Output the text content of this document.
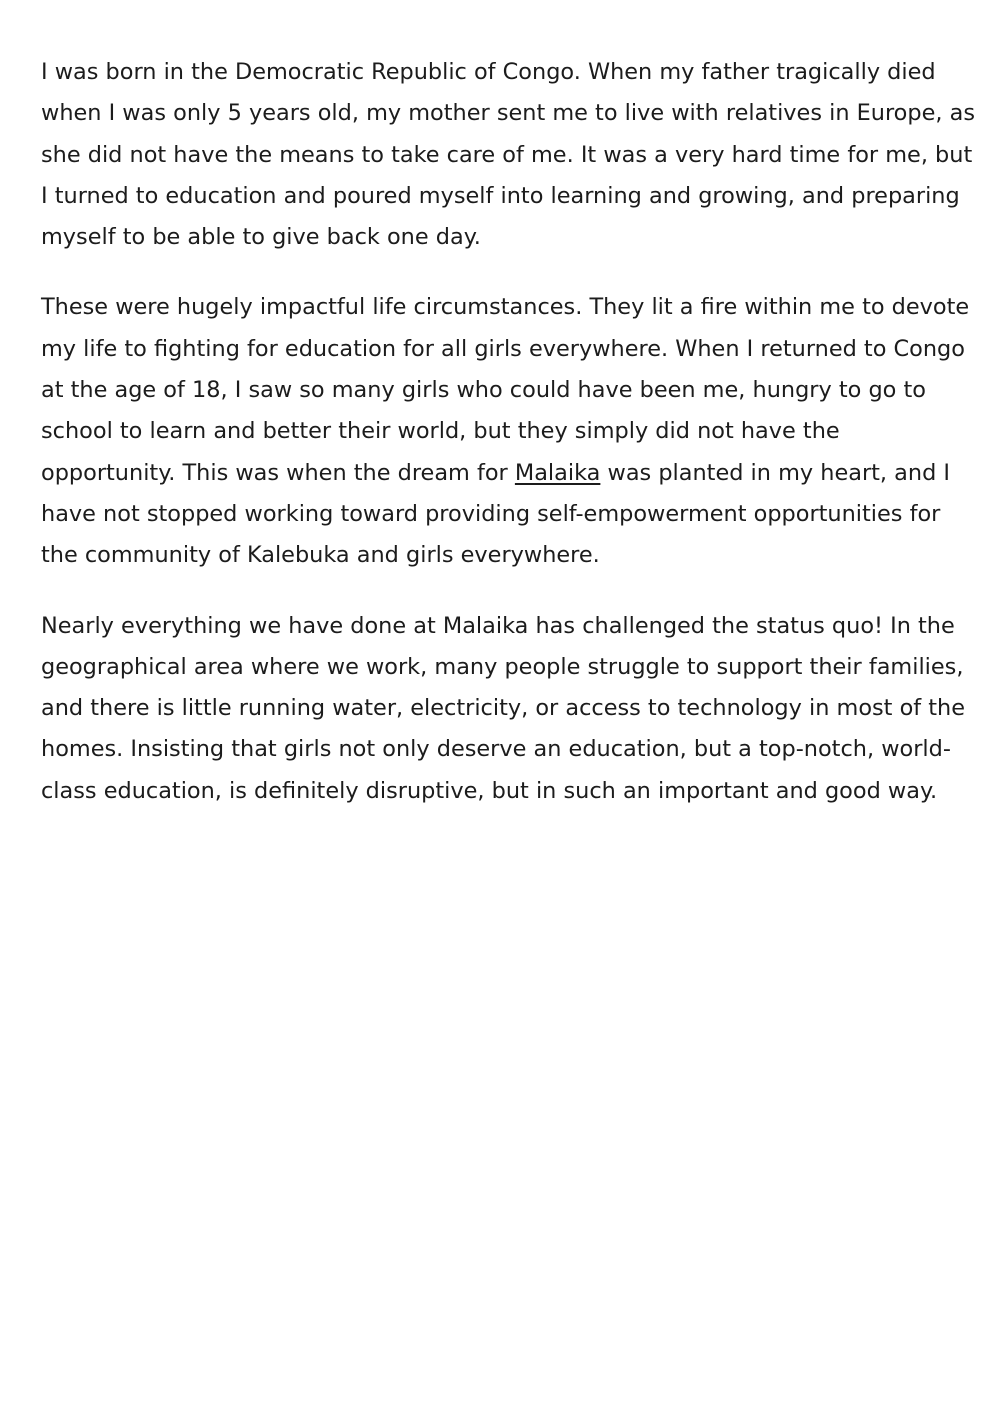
I was born in the Democratic Republic of Congo. When my father tragically died when I was only 5 years old, my mother sent me to live with relatives in Europe, as she did not have the means to take care of me. It was a very hard time for me, but I turned to education and poured myself into learning and growing, and preparing myself to be able to give back one day.

These were hugely impactful life circumstances. They lit a fire within me to devote my life to fighting for education for all girls everywhere. When I returned to Congo at the age of 18, I saw so many girls who could have been me, hungry to go to school to learn and better their world, but they simply did not have the opportunity. This was when the dream for Malaika was planted in my heart, and I have not stopped working toward providing self-empowerment opportunities for the community of Kalebuka and girls everywhere.

Nearly everything we have done at Malaika has challenged the status quo! In the geographical area where we work, many people struggle to support their families, and there is little running water, electricity, or access to technology in most of the homes. Insisting that girls not only deserve an education, but a top-notch, world-class education, is definitely disruptive, but in such an important and good way.
